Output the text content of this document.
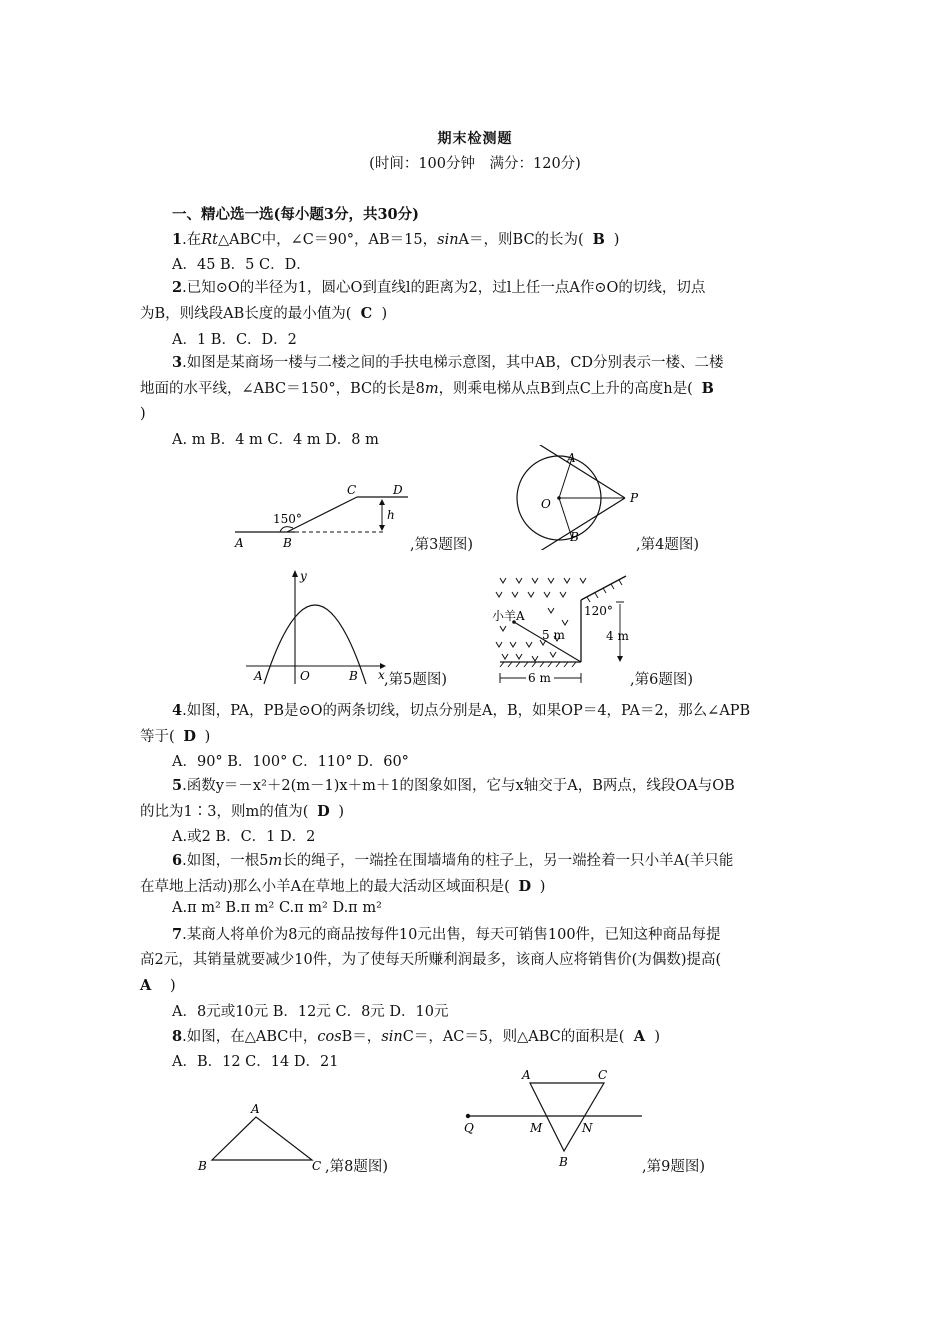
期末检测题
(时间：100分钟　满分：120分)
一、精心选一选(每小题3分，共30分)
1.在Rt△ABC中，∠C＝90°，AB＝15，sinA＝，则BC的长为( B )
A．45 B．5 C．D．
2.已知⊙O的半径为1，圆心O到直线l的距离为2，过l上任一点A作⊙O的切线，切点
为B，则线段AB长度的最小值为( C )
A．1 B．C．D．2
3.如图是某商场一楼与二楼之间的手扶电梯示意图，其中AB，CD分别表示一楼、二楼
地面的水平线，∠ABC＝150°，BC的长是8m，则乘电梯从点B到点C上升的高度h是( B
)
A. m B．4 m C．4 m D．8 m
A	B
C	D
h
150°
,第3题图)
A
O	P
B	,第4题图)
y
x
A	O	B ,第5题图)
小羊A
5 m
120°
4 m
6 m	,第6题图)
4.如图，PA，PB是⊙O的两条切线，切点分别是A，B，如果OP＝4，PA＝2，那么∠APB
等于( D )
A．90° B．100° C．110° D．60°
5.函数y＝－x²＋2(m－1)x＋m＋1的图象如图，它与x轴交于A，B两点，线段OA与OB
的比为1∶3，则m的值为( D )
A.或2 B．C．1 D．2
6.如图，一根5m长的绳子，一端拴在围墙墙角的柱子上，另一端拴着一只小羊A(羊只能
在草地上活动)那么小羊A在草地上的最大活动区域面积是( D )
A.π m² B.π m² C.π m² D.π m²
7.某商人将单价为8元的商品按每件10元出售，每天可销售100件，已知这种商品每提
高2元，其销量就要减少10件，为了使每天所赚利润最多，该商人应将销售价(为偶数)提高(
A )
A．8元或10元 B．12元 C．8元 D．10元
8.如图，在△ABC中，cosB＝，sinC＝，AC＝5，则△ABC的面积是( A )
A．B．12 C．14 D．21
A
B	C ,第8题图)
A	C
Q	M	N
B	,第9题图)
